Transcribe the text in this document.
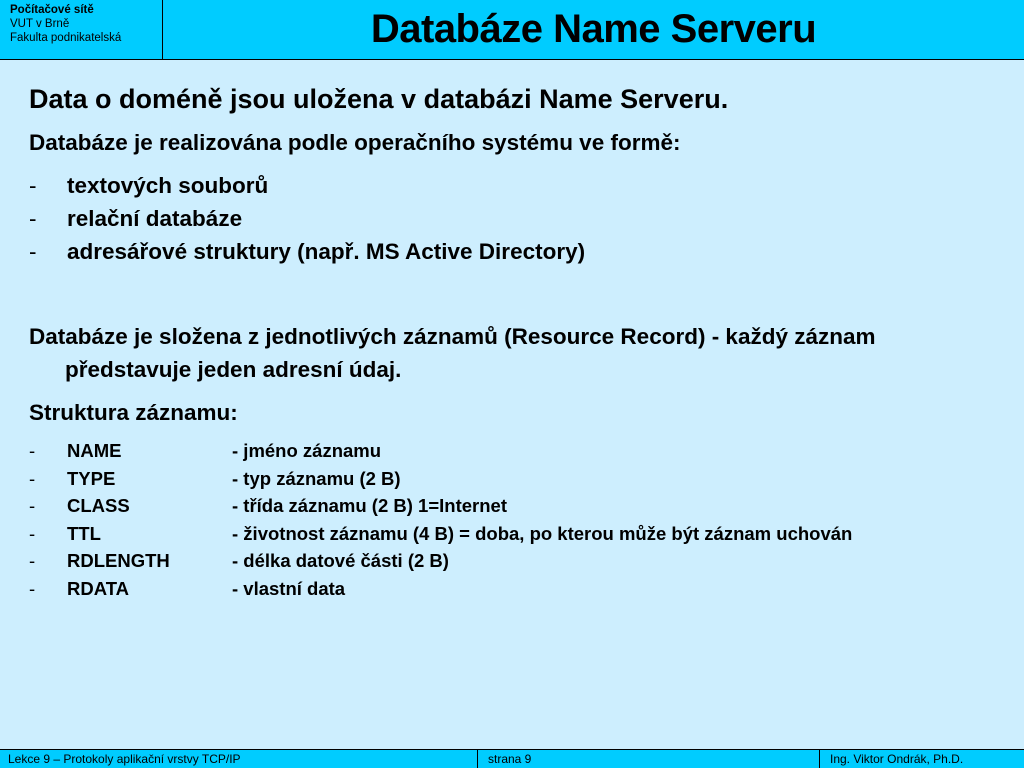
Počítačové sítě
VUT v Brně
Fakulta podnikatelská	Databáze Name Serveru

Data o doméně jsou uložena v databázi Name Serveru.

Databáze je realizována podle operačního systému ve formě:

- textových souborů
- relační databáze
- adresářové struktury (např. MS Active Directory)

Databáze je složena z jednotlivých záznamů (Resource Record) - každý záznam představuje jeden adresní údaj.

Struktura záznamu:

- NAME	- jméno záznamu
- TYPE	- typ záznamu (2 B)
- CLASS	- třída záznamu (2 B) 1=Internet
- TTL	- životnost záznamu (4 B) = doba, po kterou může být záznam uchován
- RDLENGTH	- délka datové části (2 B)
- RDATA	- vlastní data
Lekce 9 – Protokoly aplikační vrstvy TCP/IP	strana 9	Ing. Viktor Ondrák, Ph.D.
